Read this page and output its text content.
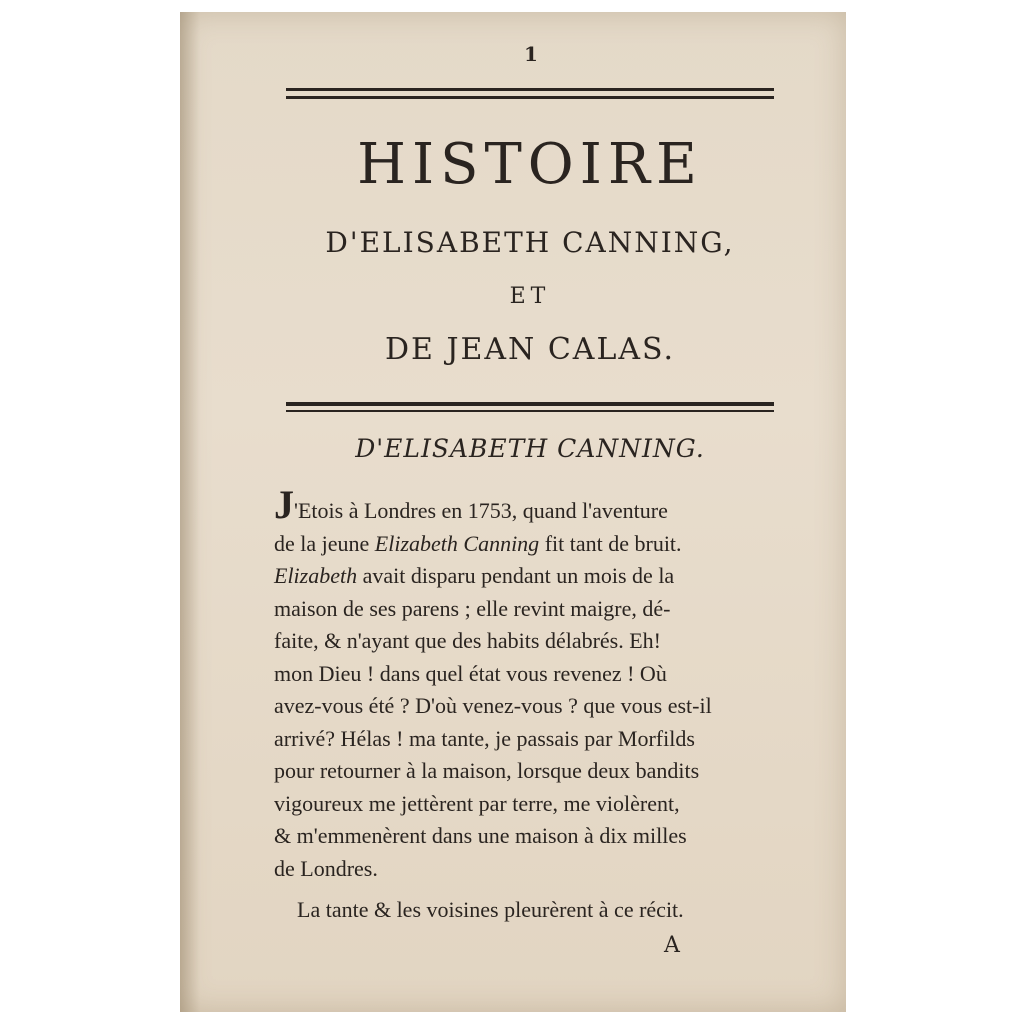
1
HISTOIRE
D'ELISABETH CANNING,
ET
DE JEAN CALAS.
D'ELISABETH CANNING.
J'Etois à Londres en 1753, quand l'aventure
de la jeune Elizabeth Canning fit tant de bruit.
Elizabeth avait disparu pendant un mois de la
maison de ses parens ; elle revint maigre, dé-
faite, & n'ayant que des habits délabrés. Eh!
mon Dieu ! dans quel état vous revenez ! Où
avez-vous été ? D'où venez-vous ? que vous est-il
arrivé? Hélas ! ma tante, je passais par Morfilds
pour retourner à la maison, lorsque deux bandits
vigoureux me jettèrent par terre, me violèrent,
& m'emmenèrent dans une maison à dix milles
de Londres.
La tante & les voisines pleurèrent à ce récit.
A
